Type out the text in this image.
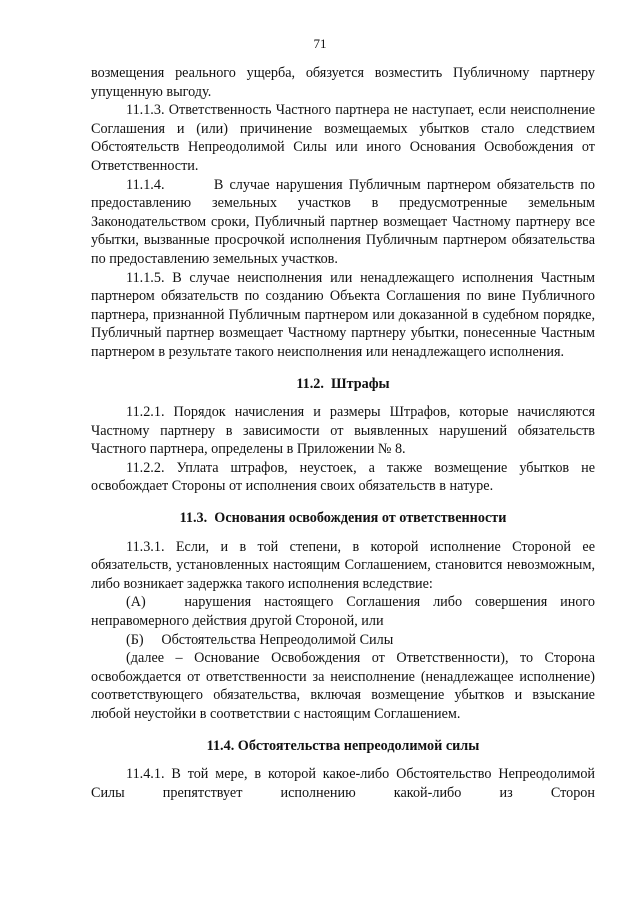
71

возмещения реального ущерба, обязуется возместить Публичному партнеру упущенную выгоду.

11.1.3. Ответственность Частного партнера не наступает, если неисполнение Соглашения и (или) причинение возмещаемых убытков стало следствием Обстоятельств Непреодолимой Силы или иного Основания Освобождения от Ответственности.

11.1.4.        В случае нарушения Публичным партнером обязательств по предоставлению земельных участков в предусмотренные земельным Законодательством сроки, Публичный партнер возмещает Частному партнеру все убытки, вызванные просрочкой исполнения Публичным партнером обязательства по предоставлению земельных участков.

11.1.5. В случае неисполнения или ненадлежащего исполнения Частным партнером обязательств по созданию Объекта Соглашения по вине Публичного партнера, признанной Публичным партнером или доказанной в судебном порядке, Публичный партнер возмещает Частному партнеру убытки, понесенные Частным партнером в результате такого неисполнения или ненадлежащего исполнения.

11.2.  Штрафы

11.2.1. Порядок начисления и размеры Штрафов, которые начисляются Частному партнеру в зависимости от выявленных нарушений обязательств Частного партнера, определены в Приложении № 8.

11.2.2. Уплата штрафов, неустоек, а также возмещение убытков не освобождает Стороны от исполнения своих обязательств в натуре.

11.3.  Основания освобождения от ответственности

11.3.1. Если, и в той степени, в которой исполнение Стороной ее обязательств, установленных настоящим Соглашением, становится невозможным, либо возникает задержка такого исполнения вследствие:

(А)   нарушения настоящего Соглашения либо совершения иного неправомерного действия другой Стороной, или

(Б)     Обстоятельства Непреодолимой Силы

(далее – Основание Освобождения от Ответственности), то Сторона освобождается от ответственности за неисполнение (ненадлежащее исполнение) соответствующего обязательства, включая возмещение убытков и взыскание любой неустойки в соответствии с настоящим Соглашением.

11.4. Обстоятельства непреодолимой силы

11.4.1. В той мере, в которой какое-либо Обстоятельство Непреодолимой Силы препятствует исполнению какой-либо из Сторон
